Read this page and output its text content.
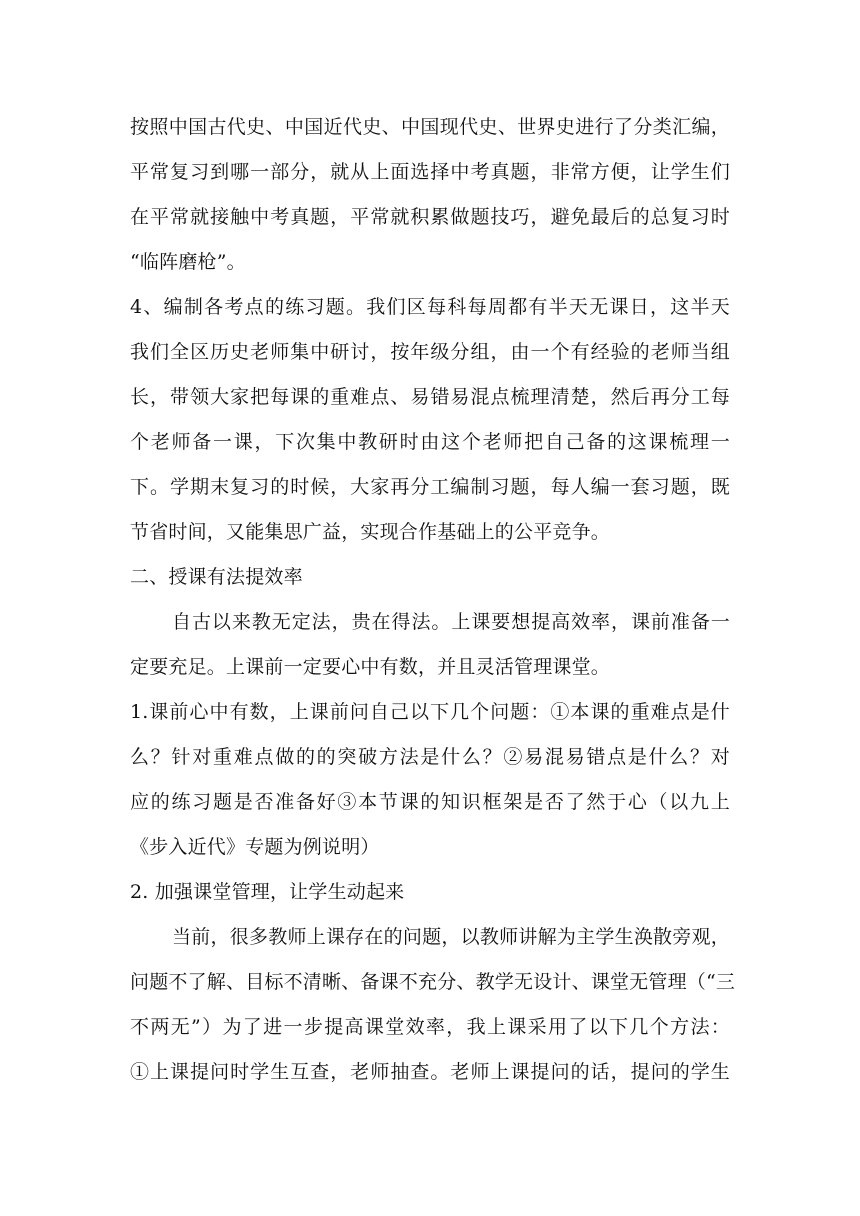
按照中国古代史、中国近代史、中国现代史、世界史进行了分类汇编，
平常复习到哪一部分，就从上面选择中考真题，非常方便，让学生们
在平常就接触中考真题，平常就积累做题技巧，避免最后的总复习时
“临阵磨枪”。
4、编制各考点的练习题。我们区每科每周都有半天无课日，这半天
我们全区历史老师集中研讨，按年级分组，由一个有经验的老师当组
长，带领大家把每课的重难点、易错易混点梳理清楚，然后再分工每
个老师备一课，下次集中教研时由这个老师把自己备的这课梳理一
下。学期末复习的时候，大家再分工编制习题，每人编一套习题，既
节省时间，又能集思广益，实现合作基础上的公平竞争。
二、授课有法提效率
自古以来教无定法，贵在得法。上课要想提高效率，课前准备一
定要充足。上课前一定要心中有数，并且灵活管理课堂。
1.课前心中有数，上课前问自己以下几个问题：①本课的重难点是什
么？针对重难点做的的突破方法是什么？②易混易错点是什么？对
应的练习题是否准备好③本节课的知识框架是否了然于心（以九上
《步入近代》专题为例说明）
2. 加强课堂管理，让学生动起来
当前，很多教师上课存在的问题，以教师讲解为主学生涣散旁观，
问题不了解、目标不清晰、备课不充分、教学无设计、课堂无管理（“三
不两无”）为了进一步提高课堂效率，我上课采用了以下几个方法：
①上课提问时学生互查，老师抽查。老师上课提问的话，提问的学生
